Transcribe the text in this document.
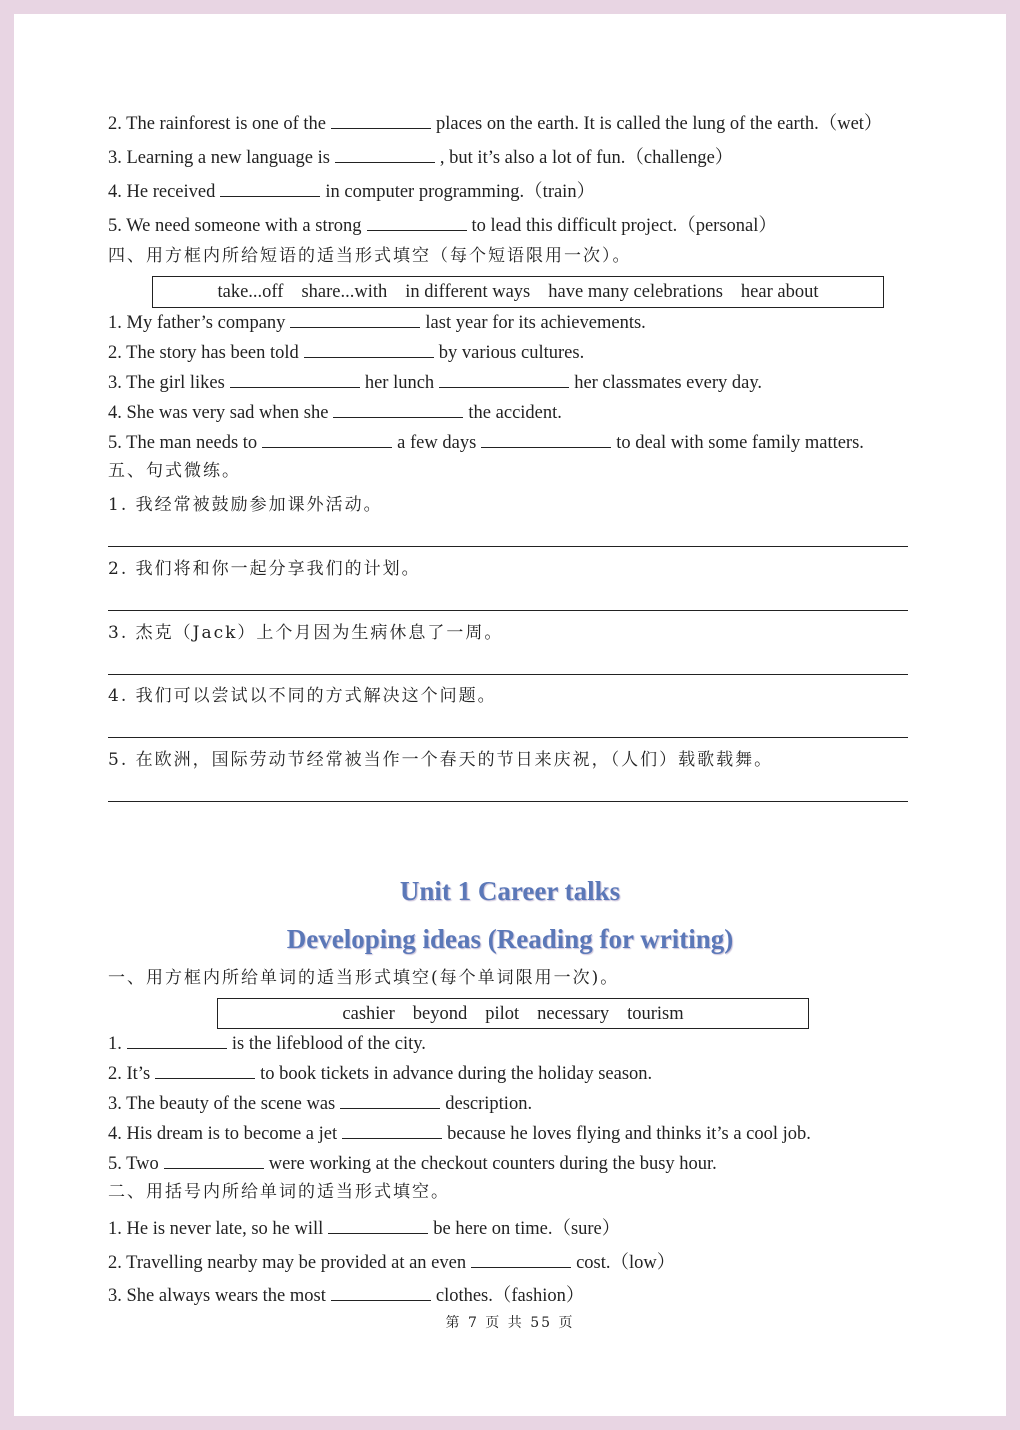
2. The rainforest is one of the	places on the earth. It is called the lung of the earth.（wet）
3. Learning a new language is	, but it’s also a lot of fun.（challenge）
4. He received	in computer programming.（train）
5. We need someone with a strong	to lead this difficult project.（personal）
四、用方框内所给短语的适当形式填空（每个短语限用一次）。
take...off share...with in different ways have many celebrations hear about
1. My father’s company	last year for its achievements.
2. The story has been told	by various cultures.
3. The girl likes	her lunch	her classmates every day.
4. She was very sad when she	the accident.
5. The man needs to	a few days	to deal with some family matters.
五、句式微练。
1. 我经常被鼓励参加课外活动。
2. 我们将和你一起分享我们的计划。
3. 杰克（Jack）上个月因为生病休息了一周。
4. 我们可以尝试以不同的方式解决这个问题。
5. 在欧洲，国际劳动节经常被当作一个春天的节日来庆祝，（人们）载歌载舞。
Unit 1 Career talks
Developing ideas (Reading for writing)
一、用方框内所给单词的适当形式填空(每个单词限用一次)。
cashier beyond pilot necessary tourism
1.	is the lifeblood of the city.
2. It’s	to book tickets in advance during the holiday season.
3. The beauty of the scene was	description.
4. His dream is to become a jet	because he loves flying and thinks it’s a cool job.
5. Two	were working at the checkout counters during the busy hour.
二、用括号内所给单词的适当形式填空。
1. He is never late, so he will	be here on time.（sure）
2. Travelling nearby may be provided at an even	cost.（low）
3. She always wears the most	clothes.（fashion）
第 7 页 共 55 页
